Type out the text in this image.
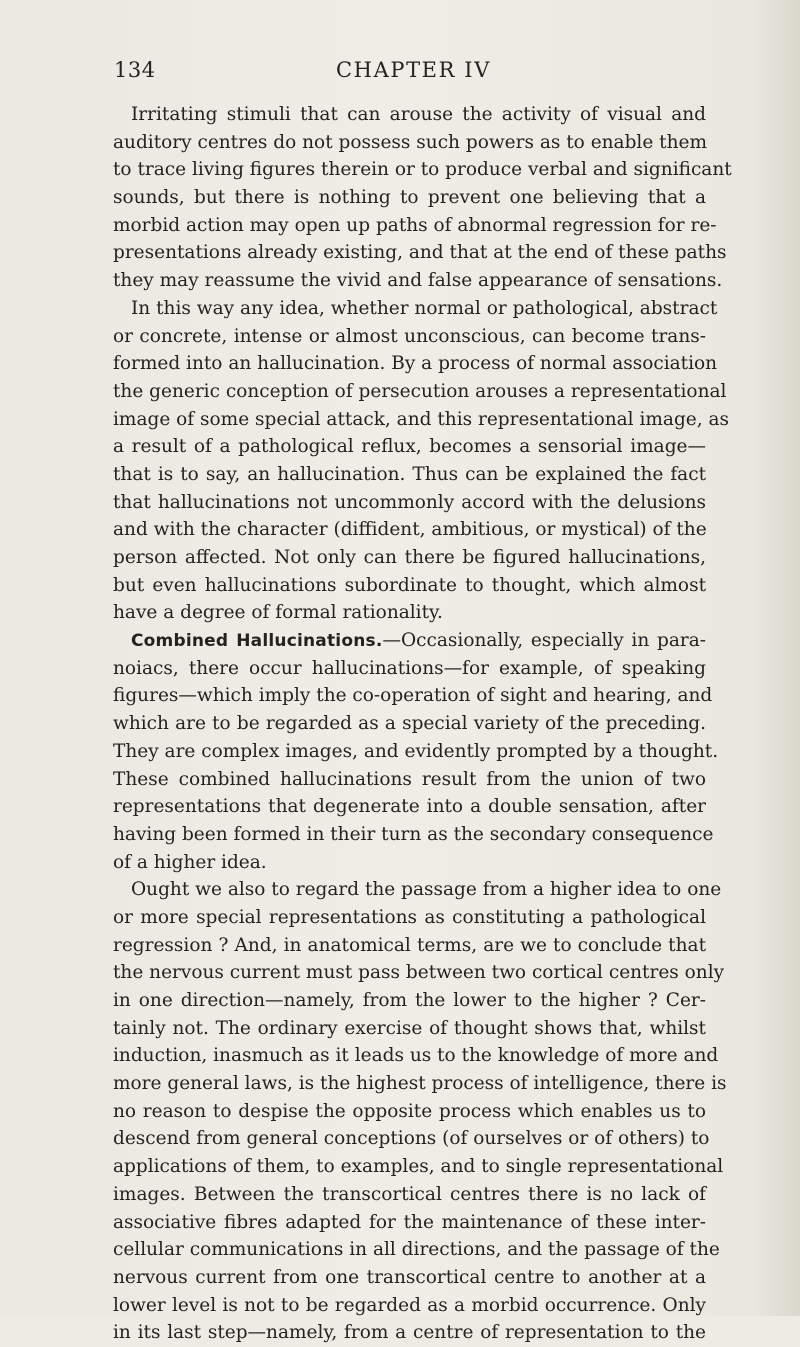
134	CHAPTER IV
Irritating stimuli that can arouse the activity of visual and
auditory centres do not possess such powers as to enable them
to trace living figures therein or to produce verbal and significant
sounds, but there is nothing to prevent one believing that a
morbid action may open up paths of abnormal regression for re-
presentations already existing, and that at the end of these paths
they may reassume the vivid and false appearance of sensations.
In this way any idea, whether normal or pathological, abstract
or concrete, intense or almost unconscious, can become trans-
formed into an hallucination. By a process of normal association
the generic conception of persecution arouses a representational
image of some special attack, and this representational image, as
a result of a pathological reflux, becomes a sensorial image—
that is to say, an hallucination. Thus can be explained the fact
that hallucinations not uncommonly accord with the delusions
and with the character (diffident, ambitious, or mystical) of the
person affected. Not only can there be figured hallucinations,
but even hallucinations subordinate to thought, which almost
have a degree of formal rationality.
Combined Hallucinations.—Occasionally, especially in para-
noiacs, there occur hallucinations—for example, of speaking
figures—which imply the co-operation of sight and hearing, and
which are to be regarded as a special variety of the preceding.
They are complex images, and evidently prompted by a thought.
These combined hallucinations result from the union of two
representations that degenerate into a double sensation, after
having been formed in their turn as the secondary consequence
of a higher idea.
Ought we also to regard the passage from a higher idea to one
or more special representations as constituting a pathological
regression ? And, in anatomical terms, are we to conclude that
the nervous current must pass between two cortical centres only
in one direction—namely, from the lower to the higher ? Cer-
tainly not. The ordinary exercise of thought shows that, whilst
induction, inasmuch as it leads us to the knowledge of more and
more general laws, is the highest process of intelligence, there is
no reason to despise the opposite process which enables us to
descend from general conceptions (of ourselves or of others) to
applications of them, to examples, and to single representational
images. Between the transcortical centres there is no lack of
associative fibres adapted for the maintenance of these inter-
cellular communications in all directions, and the passage of the
nervous current from one transcortical centre to another at a
lower level is not to be regarded as a morbid occurrence. Only
in its last step—namely, from a centre of representation to the
